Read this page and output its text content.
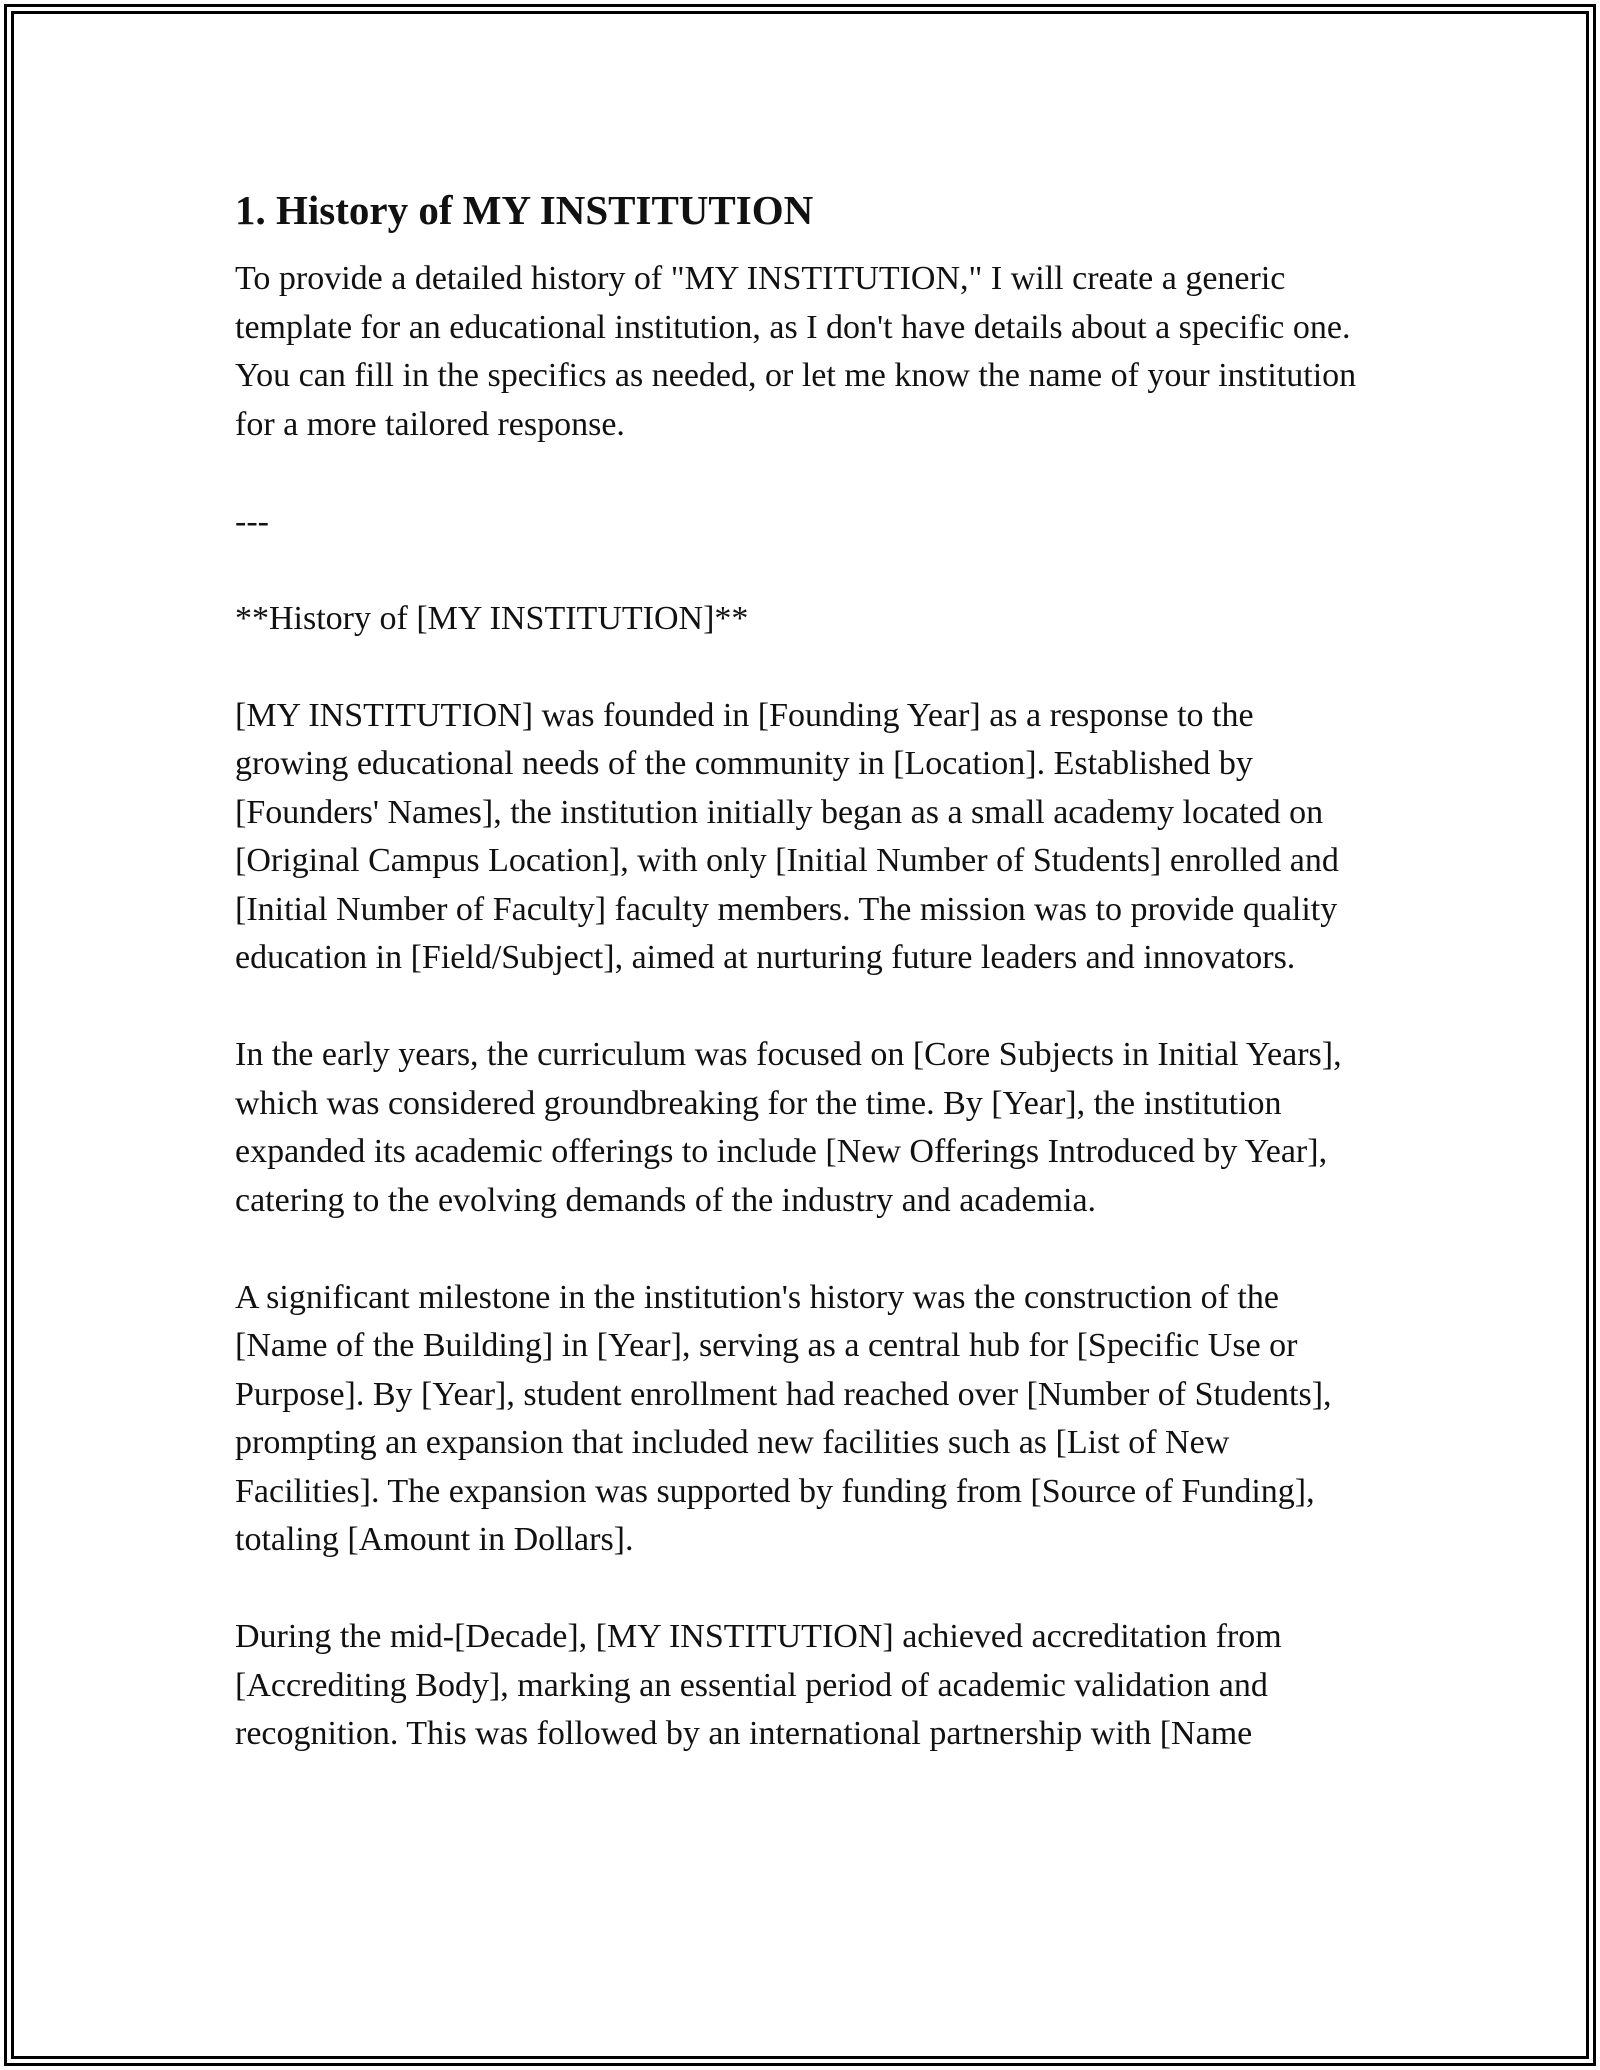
1. History of MY INSTITUTION

To provide a detailed history of "MY INSTITUTION," I will create a generic template for an educational institution, as I don't have details about a specific one. You can fill in the specifics as needed, or let me know the name of your institution for a more tailored response.

---

**History of [MY INSTITUTION]**

[MY INSTITUTION] was founded in [Founding Year] as a response to the growing educational needs of the community in [Location]. Established by [Founders' Names], the institution initially began as a small academy located on [Original Campus Location], with only [Initial Number of Students] enrolled and [Initial Number of Faculty] faculty members. The mission was to provide quality education in [Field/Subject], aimed at nurturing future leaders and innovators.

In the early years, the curriculum was focused on [Core Subjects in Initial Years], which was considered groundbreaking for the time. By [Year], the institution expanded its academic offerings to include [New Offerings Introduced by Year], catering to the evolving demands of the industry and academia.

A significant milestone in the institution's history was the construction of the [Name of the Building] in [Year], serving as a central hub for [Specific Use or Purpose]. By [Year], student enrollment had reached over [Number of Students], prompting an expansion that included new facilities such as [List of New Facilities]. The expansion was supported by funding from [Source of Funding], totaling [Amount in Dollars].

During the mid-[Decade], [MY INSTITUTION] achieved accreditation from [Accrediting Body], marking an essential period of academic validation and recognition. This was followed by an international partnership with [Name
